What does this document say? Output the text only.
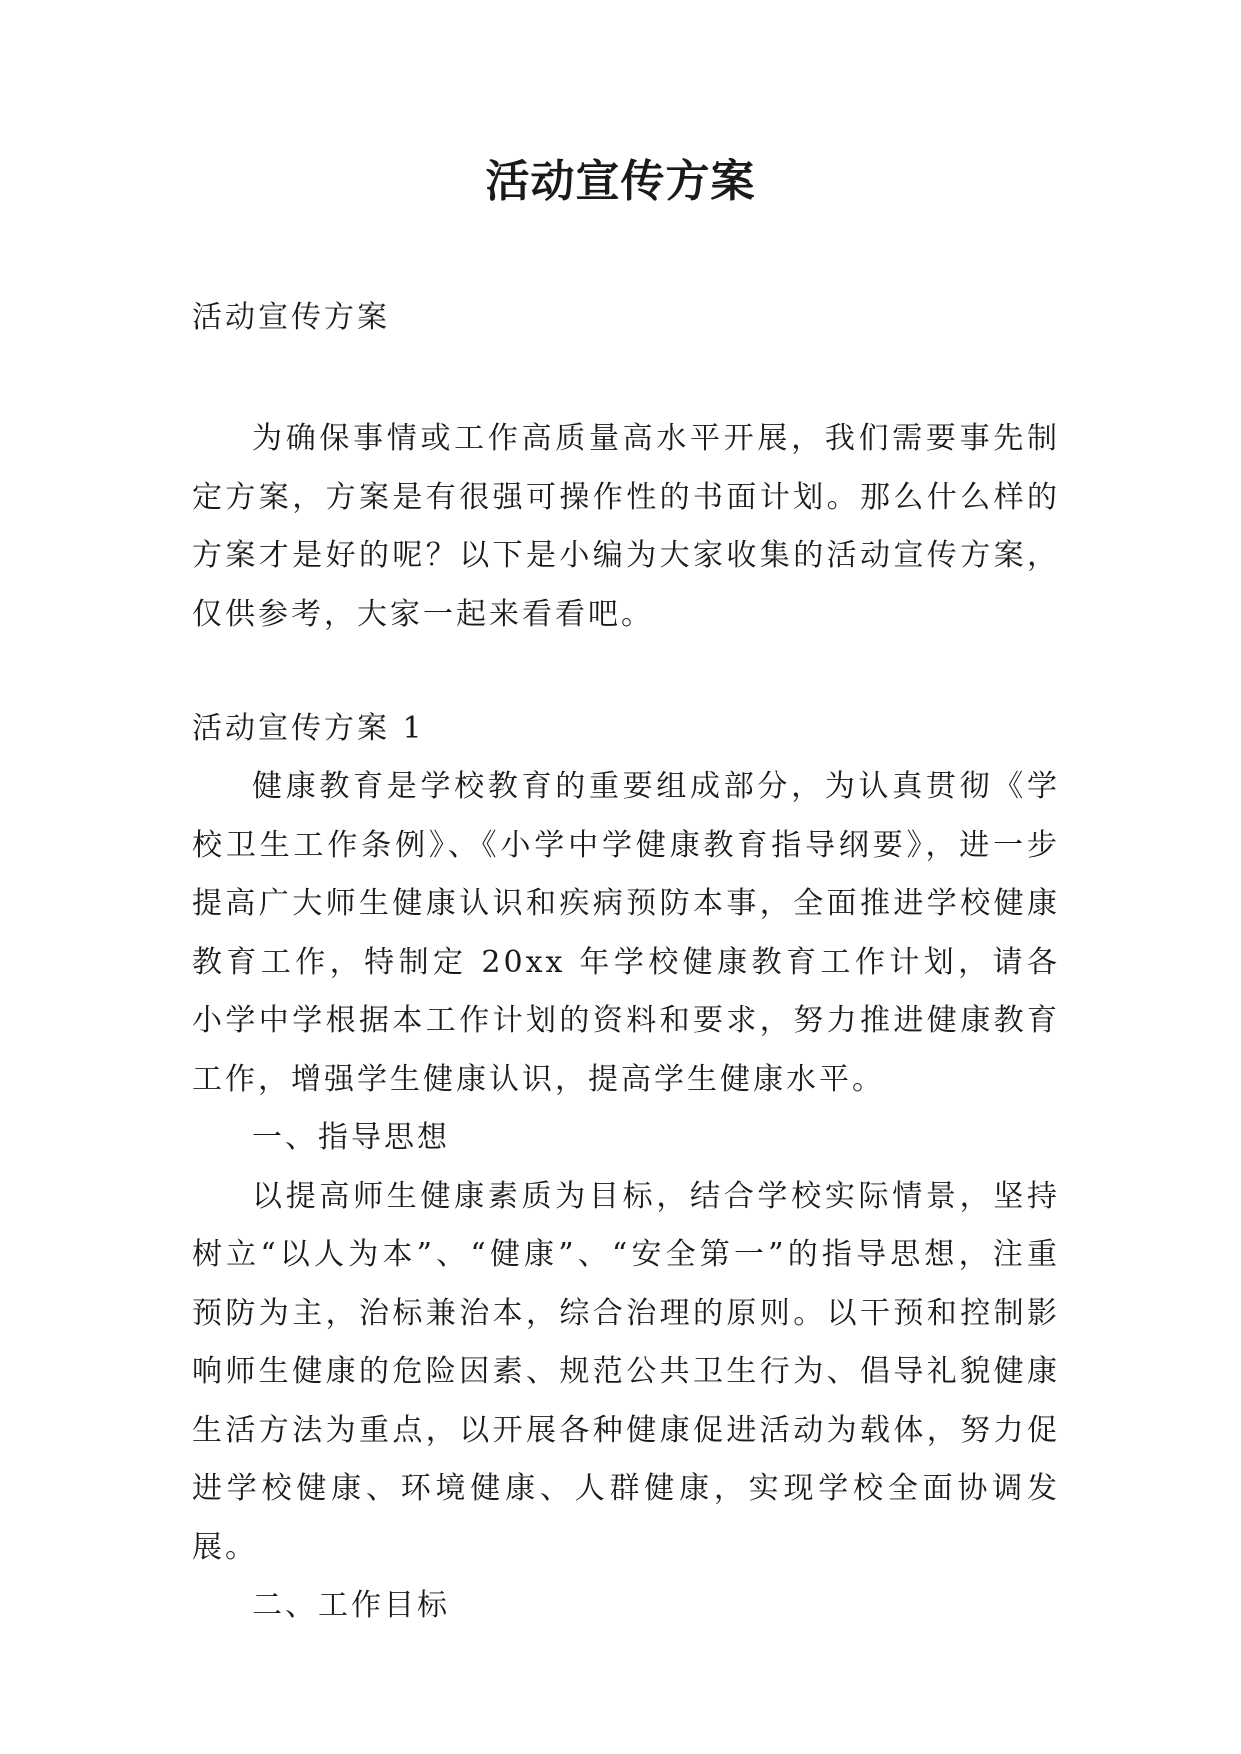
活动宣传方案

活动宣传方案

为确保事情或工作高质量高水平开展，我们需要事先制定方案，方案是有很强可操作性的书面计划。那么什么样的方案才是好的呢？以下是小编为大家收集的活动宣传方案，仅供参考，大家一起来看看吧。

活动宣传方案 1

健康教育是学校教育的重要组成部分，为认真贯彻《学校卫生工作条例》、《小学中学健康教育指导纲要》，进一步提高广大师生健康认识和疾病预防本事，全面推进学校健康教育工作，特制定 20xx 年学校健康教育工作计划，请各小学中学根据本工作计划的资料和要求，努力推进健康教育工作，增强学生健康认识，提高学生健康水平。

一、指导思想

以提高师生健康素质为目标，结合学校实际情景，坚持树立“以人为本”、“健康”、“安全第一”的指导思想，注重预防为主，治标兼治本，综合治理的原则。以干预和控制影响师生健康的危险因素、规范公共卫生行为、倡导礼貌健康生活方法为重点，以开展各种健康促进活动为载体，努力促进学校健康、环境健康、人群健康，实现学校全面协调发展。

二、工作目标
